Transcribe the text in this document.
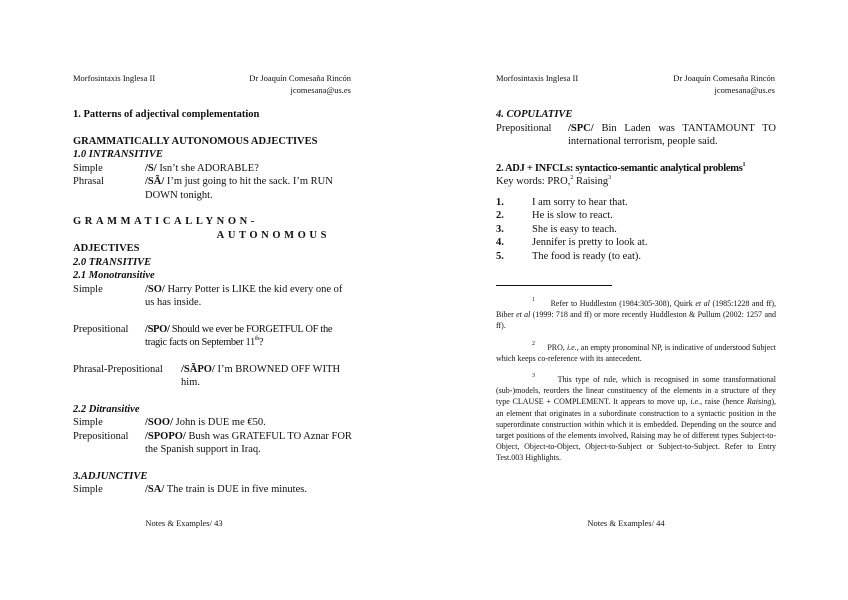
Morfosintaxis Inglesa II	Dr Joaquín Comesaña Rincón
jcomesana@us.es
1. Patterns of adjectival complementation
GRAMMATICALLY AUTONOMOUS ADJECTIVES
1.0 INTRANSITIVE
Simple	/S/ Isn’t she ADORABLE?
Phrasal	/SÃ/ I’m just going to hit the sack. I’m RUN DOWN tonight.
GRAMMATICALLY NON-AUTONOMOUS
ADJECTIVES
2.0 TRANSITIVE
2.1 Monotransitive
Simple	/SO/ Harry Potter is LIKE the kid every one of us has inside.
Prepositional	/SPO/ Should we ever be FORGETFUL OF the tragic facts on September 11th?
Phrasal-Prepositional	/SÃPO/ I’m BROWNED OFF WITH him.
2.2 Ditransitive
Simple	/SOO/ John is DUE me €50.
Prepositional	/SPOPO/ Bush was GRATEFUL TO Aznar FOR the Spanish support in Iraq.
3.ADJUNCTIVE
Simple	/SA/ The train is DUE in five minutes.
Notes & Examples/ 43
Morfosintaxis Inglesa II	Dr Joaquín Comesaña Rincón
jcomesana@us.es
4. COPULATIVE
Prepositional	/SPC/ Bin Laden was TANTAMOUNT TO international terrorism, people said.
2. ADJ + INFCLs: syntactico-semantic analytical problems$^1$
Key words: PRO,$^2$ Raising$^3$
1.	I am sorry to hear that.
2.	He is slow to react.
3.	She is easy to teach.
4.	Jennifer is pretty to look at.
5.	The food is ready (to eat).
$^1$ Refer to Huddleston (1984:305-308), Quirk et al (1985:1228 and ff), Biber et al (1999: 718 and ff) or more recently Huddleston & Pullum (2002: 1257 and ff).
$^2$ PRO, i.e., an empty pronominal NP, is indicative of understood Subject which keeps co-reference with its antecedent.
$^3$	This type of rule, which is recognised in some transformational (sub-)models, reorders the linear constituency of the elements in a structure of they type CLAUSE + COMPLEMENT. It appears to move up, i.e., raise (hence Raising), an element that originates in a subordinate construction to a syntactic position in the superordinate construction within which it is embedded. Depending on the source and target positions of the elements involved, Raising may be of different types Subject-to-Object, Object-to-Object, Object-to-Subject or Subject-to-Subject. Refer to Entry Test.003 Highlights.
Notes & Examples/ 44
